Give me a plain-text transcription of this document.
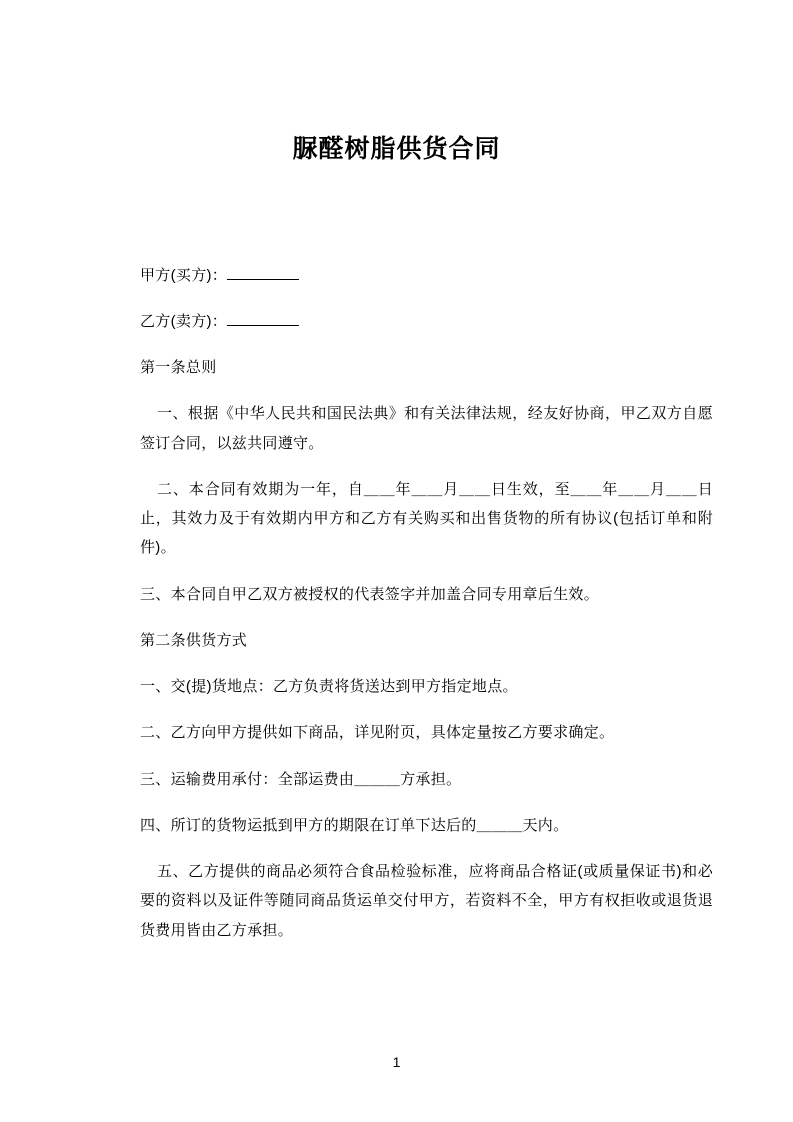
脲醛树脂供货合同

甲方(买方)：

乙方(卖方)：

第一条总则

一、根据《中华人民共和国民法典》和有关法律法规，经友好协商，甲乙双方自愿签订合同，以兹共同遵守。

二、本合同有效期为一年，自＿＿年＿＿月＿＿日生效，至＿＿年＿＿月＿＿日止，其效力及于有效期内甲方和乙方有关购买和出售货物的所有协议(包括订单和附件)。

三、本合同自甲乙双方被授权的代表签字并加盖合同专用章后生效。

第二条供货方式

一、交(提)货地点：乙方负责将货送达到甲方指定地点。

二、乙方向甲方提供如下商品，详见附页，具体定量按乙方要求确定。

三、运输费用承付：全部运费由＿＿＿方承担。

四、所订的货物运抵到甲方的期限在订单下达后的＿＿＿天内。

五、乙方提供的商品必须符合食品检验标准，应将商品合格证(或质量保证书)和必要的资料以及证件等随同商品货运单交付甲方，若资料不全，甲方有权拒收或退货退货费用皆由乙方承担。

1
